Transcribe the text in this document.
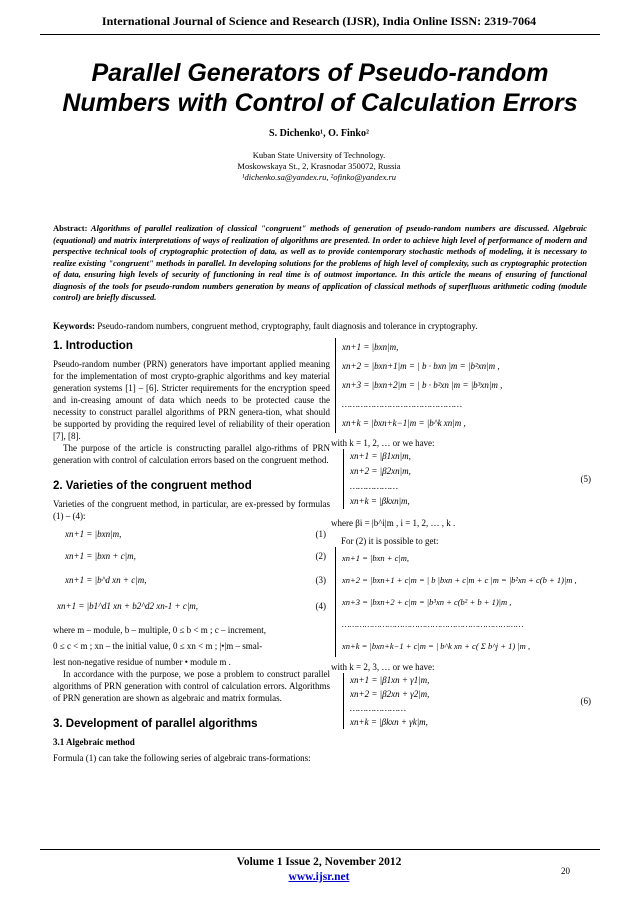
International Journal of Science and Research (IJSR), India Online ISSN: 2319-7064
Parallel Generators of Pseudo-random Numbers with Control of Calculation Errors
S. Dichenko¹, O. Finko²
Kuban State University of Technology.
Moskowskaya St., 2, Krasnodar 350072, Russia
¹dichenko.sa@yandex.ru, ²ofinko@yandex.ru
Abstract: Algorithms of parallel realization of classical "congruent" methods of generation of pseudo-random numbers are discussed. Algebraic (equational) and matrix interpretations of ways of realization of algorithms are presented. In order to achieve high level of performance of modern and perspective technical tools of cryptographic protection of data, as well as to provide contemporary stochastic methods of modeling, it is necessary to realize existing "congruent" methods in parallel. In developing solutions for the problems of high level of complexity, such as cryptographic protection of data, ensuring high levels of security of functioning in real time is of outmost importance. In this article the means of ensuring of functional diagnosis of the tools for pseudo-random numbers generation by means of application of classical methods of superfluous arithmetic coding (module control) are briefly discussed.
Keywords: Pseudo-random numbers, congruent method, cryptography, fault diagnosis and tolerance in cryptography.
1. Introduction
Pseudo-random number (PRN) generators have important applied meaning for the implementation of most crypto-graphic algorithms and key material generation systems [1] – [6]. Stricter requirements for the encryption speed and in-creasing amount of data which needs to be protected cause the necessity to construct parallel algorithms of PRN genera-tion, what should be supported by providing the required level of reliability of their operation [7], [8].
The purpose of the article is constructing parallel algo-rithms of PRN generation with control of calculation errors based on the congruent method.
2. Varieties of the congruent method
Varieties of the congruent method, in particular, are ex-pressed by formulas (1) – (4):
xn+1 = |bxn|m,	(1)
xn+1 = |bxn + c|m,	(2)
xn+1 = |b^d xn + c|m,	(3)
xn+1 = |b1^d1 xn + b2^d2 xn-1 + c|m,	(4)
where m – module, b – multiple, 0 ≤ b < m ; c – increment,
0 ≤ c < m ; xn – the initial value, 0 ≤ xn < m ; |•|m – smal-
lest non-negative residue of number • module m .
In accordance with the purpose, we pose a problem to construct parallel algorithms of PRN generation with control of calculation errors. Algorithms of PRN generation are shown as algebraic and matrix formulas.
3. Development of parallel algorithms
3.1 Algebraic method
Formula (1) can take the following series of algebraic trans-formations:
xn+1 = |bxn|m,
xn+2 = |bxn+1|m = | b · bxn |m = |b²xn|m ,
xn+3 = |bxn+2|m = | b · b²xn |m = |b³xn|m ,
………………………………………
xn+k = |bxn+k−1|m = |b^k xn|m ,
with k = 1, 2, … or we have:
xn+1 = |β1xn|m,
xn+2 = |β2xn|m,
………………
xn+k = |βkxn|m,
(5)
where βi = |b^i|m , i = 1, 2, … , k .
For (2) it is possible to get:
xn+1 = |bxn + c|m,
xn+2 = |bxn+1 + c|m = | b |bxn + c|m + c |m = |b²xn + c(b + 1)|m ,
xn+3 = |bxn+2 + c|m = |b³xn + c(b² + b + 1)|m ,
………………………………………………………………
xn+k = |bxn+k−1 + c|m = | b^k xn + c( Σ b^j + 1) |m ,
with k = 2, 3, … or we have:
xn+1 = |β1xn + γ1|m,
xn+2 = |β2xn + γ2|m,
…………………
xn+k = |βkxn + γk|m,
(6)
Volume 1 Issue 2, November 2012
www.ijsr.net	20
